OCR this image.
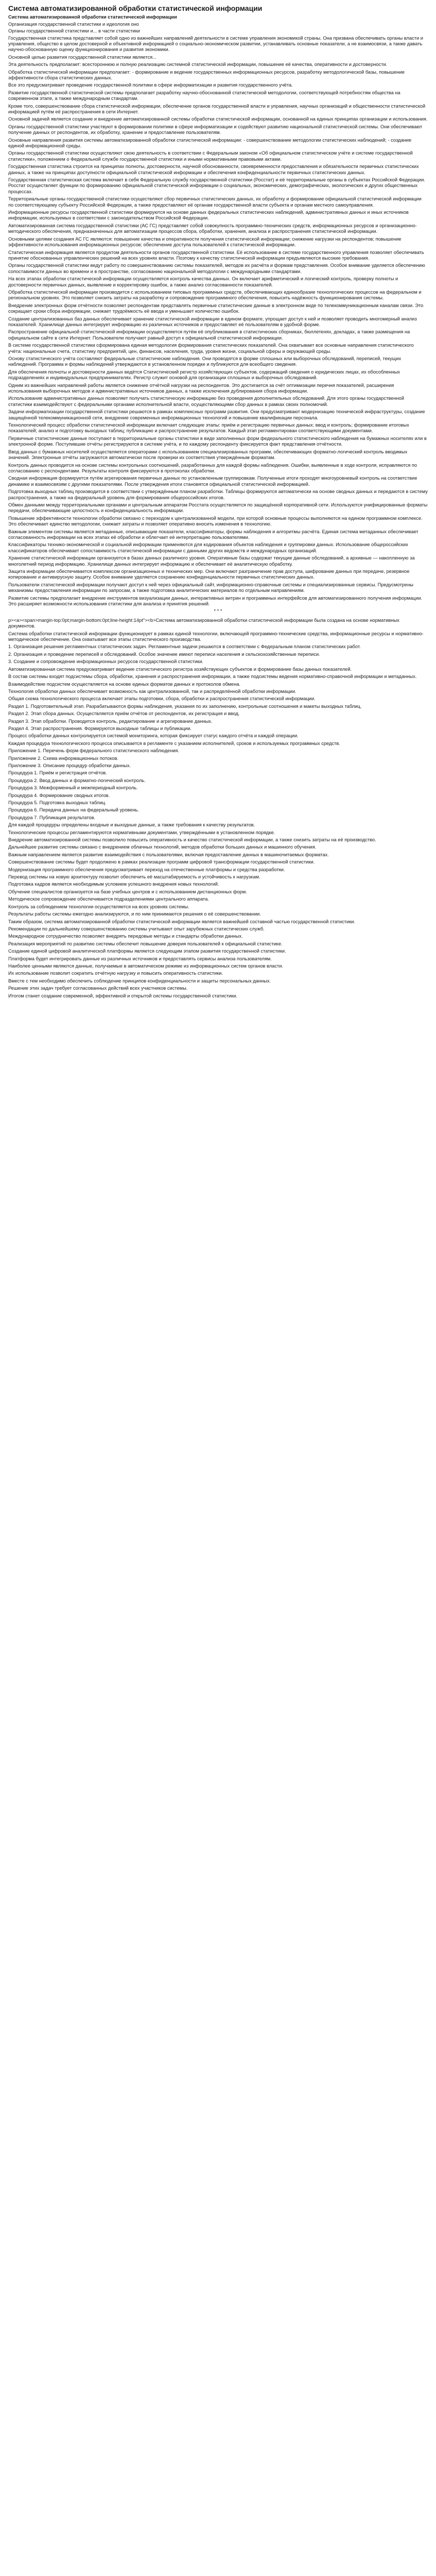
Система автоматизированной обработки статистической информации
Система автоматизированной обработки статистической информации

Организация государственной статистики и идеология оно

Органы государственной статистики и... в части статистики

Государственная статистика представляет собой одно из важнейших направлений деятельности в системе управления экономикой страны. Она призвана обеспечивать органы власти и управления, общество в целом достоверной и объективной информацией о социально-экономическом развитии, устанавливать основные показатели, а не взаимосвязи, а также давать научно-обоснованную оценку функционирования и развития экономики.

Основной целью развития государственной статистики является...

Эта деятельность предполагает: всестороннюю и полную реализацию системной статистической информации, повышение её качества, оперативности и достоверности.

Обработка статистической информации предполагает: - формирование и ведение государственных информационных ресурсов, разработку методологической базы, повышение эффективности сбора статистических данных.

Все это предусматривает проведение государственной политики в сфере информатизации и развития государственного учёта.

Развитие государственной статистической системы предполагает разработку научно-обоснованной статистической методологии, соответствующей потребностям общества на современном этапе, а также международным стандартам.

Кроме того, совершенствование сбора статистической информации, обеспечение органов государственной власти и управления, научных организаций и общественности статистической информацией путём её распространения в сети Интернет.

Основной задачей является создание и внедрение автоматизированной системы обработки статистической информации, основанной на единых принципах организации и использования.

Органы государственной статистики участвуют в формировании политики в сфере информатизации и содействуют развитию национальной статистической системы. Они обеспечивают получение данных от респондентов, их обработку, хранение и предоставление пользователям.

Основные направления развития системы автоматизированной обработки статистической информации: - совершенствование методологии статистических наблюдений; - создание единой информационной среды.

Органы государственной статистики осуществляют свою деятельность в соответствии с Федеральным законом «Об официальном статистическом учёте и системе государственной статистики», положением о Федеральной службе государственной статистики и иными нормативными правовыми актами.

Государственная статистика строится на принципах полноты, достоверности, научной обоснованности, своевременности предоставления и обязательности первичных статистических данных, а также на принципах доступности официальной статистической информации и обеспечения конфиденциальности первичных статистических данных.

Государственная статистическая система включает в себя Федеральную службу государственной статистики (Росстат) и её территориальные органы в субъектах Российской Федерации. Росстат осуществляет функции по формированию официальной статистической информации о социальных, экономических, демографических, экологических и других общественных процессах.

Территориальные органы государственной статистики осуществляют сбор первичных статистических данных, их обработку и формирование официальной статистической информации по соответствующему субъекту Российской Федерации, а также предоставляют её органам государственной власти субъекта и органам местного самоуправления.

Информационные ресурсы государственной статистики формируются на основе данных федеральных статистических наблюдений, административных данных и иных источников информации, используемых в соответствии с законодательством Российской Федерации.

Автоматизированная система государственной статистики (АС ГС) представляет собой совокупность программно-технических средств, информационных ресурсов и организационно-методического обеспечения, предназначенных для автоматизации процессов сбора, обработки, хранения, анализа и распространения статистической информации.

Основными целями создания АС ГС являются: повышение качества и оперативности получения статистической информации; снижение нагрузки на респондентов; повышение эффективности использования информационных ресурсов; обеспечение доступа пользователей к статистической информации.

Статистическая информация является продуктом деятельности органов государственной статистики. Её использование в системе государственного управления позволяет обеспечивать принятие обоснованных управленческих решений на всех уровнях власти. Поэтому к качеству статистической информации предъявляются высокие требования.

Органы государственной статистики ведут работу по совершенствованию системы показателей, методов их расчёта и формам представления. Особое внимание уделяется обеспечению сопоставимости данных во времени и в пространстве, согласованию национальной методологии с международными стандартами.

На всех этапах обработки статистической информации осуществляется контроль качества данных. Он включает арифметический и логический контроль, проверку полноты и достоверности первичных данных, выявление и корректировку ошибок, а также анализ согласованности показателей.

Обработка статистической информации производится с использованием типовых программных средств, обеспечивающих единообразие технологических процессов на федеральном и региональном уровнях. Это позволяет снизить затраты на разработку и сопровождение программного обеспечения, повысить надёжность функционирования системы.

Внедрение электронных форм отчётности позволяет респондентам представлять первичные статистические данные в электронном виде по телекоммуникационным каналам связи. Это сокращает сроки сбора информации, снижает трудоёмкость её ввода и уменьшает количество ошибок.

Создание централизованных баз данных обеспечивает хранение статистической информации в едином формате, упрощает доступ к ней и позволяет проводить многомерный анализ показателей. Хранилище данных интегрирует информацию из различных источников и предоставляет её пользователям в удобной форме.

Распространение официальной статистической информации осуществляется путём её опубликования в статистических сборниках, бюллетенях, докладах, а также размещения на официальном сайте в сети Интернет. Пользователи получают равный доступ к официальной статистической информации.

В системе государственной статистики сформирована единая методология формирования статистических показателей. Она охватывает все основные направления статистического учёта: национальные счета, статистику предприятий, цен, финансов, населения, труда, уровня жизни, социальной сферы и окружающей среды.

Основу статистического учёта составляют федеральные статистические наблюдения. Они проводятся в форме сплошных или выборочных обследований, переписей, текущих наблюдений. Программа и формы наблюдений утверждаются в установленном порядке и публикуются для всеобщего сведения.

Для обеспечения полноты и достоверности данных ведётся Статистический регистр хозяйствующих субъектов, содержащий сведения о юридических лицах, их обособленных подразделениях и индивидуальных предпринимателях. Регистр служит основой для организации сплошных и выборочных обследований.

Одним из важнейших направлений работы является снижение отчётной нагрузки на респондентов. Это достигается за счёт оптимизации перечня показателей, расширения использования выборочных методов и административных источников данных, а также исключения дублирования сбора информации.

Использование административных данных позволяет получать статистическую информацию без проведения дополнительных обследований. Для этого органы государственной статистики взаимодействуют с федеральными органами исполнительной власти, осуществляющими сбор данных в рамках своих полномочий.

Задачи информатизации государственной статистики решаются в рамках комплексных программ развития. Они предусматривают модернизацию технической инфраструктуры, создание защищённой телекоммуникационной сети, внедрение современных информационных технологий и повышение квалификации персонала.

Технологический процесс обработки статистической информации включает следующие этапы: приём и регистрацию первичных данных; ввод и контроль; формирование итоговых показателей; анализ и подготовку выходных таблиц; публикацию и распространение результатов. Каждый этап регламентирован соответствующими документами.

Первичные статистические данные поступают в территориальные органы статистики в виде заполненных форм федерального статистического наблюдения на бумажных носителях или в электронной форме. Поступившие отчёты регистрируются в системе учёта, и по каждому респонденту фиксируется факт представления отчётности.

Ввод данных с бумажных носителей осуществляется операторами с использованием специализированных программ, обеспечивающих форматно-логический контроль вводимых значений. Электронные отчёты загружаются автоматически после проверки их соответствия утверждённым форматам.

Контроль данных проводится на основе системы контрольных соотношений, разработанных для каждой формы наблюдения. Ошибки, выявленные в ходе контроля, исправляются по согласованию с респондентами. Результаты контроля фиксируются в протоколах обработки.

Сводная информация формируется путём агрегирования первичных данных по установленным группировкам. Полученные итоги проходят многоуровневый контроль на соответствие динамике и взаимосвязям с другими показателями. После утверждения итоги становятся официальной статистической информацией.

Подготовка выходных таблиц производится в соответствии с утверждённым планом разработки. Таблицы формируются автоматически на основе сводных данных и передаются в систему распространения, а также на федеральный уровень для формирования общероссийских итогов.

Обмен данными между территориальными органами и центральным аппаратом Росстата осуществляется по защищённой корпоративной сети. Используются унифицированные форматы передачи, обеспечивающие целостность и конфиденциальность информации.

Повышение эффективности технологии обработки связано с переходом к централизованной модели, при которой основные процессы выполняются на едином программном комплексе. Это обеспечивает единство методологии, снижает затраты и позволяет оперативно вносить изменения в технологию.

Важным элементом системы является метаданные, описывающие показатели, классификаторы, формы наблюдения и алгоритмы расчёта. Единая система метаданных обеспечивает согласованность информации на всех этапах её обработки и облегчает её интерпретацию пользователями.

Классификаторы технико-экономической и социальной информации применяются для кодирования объектов наблюдения и группировки данных. Использование общероссийских классификаторов обеспечивает сопоставимость статистической информации с данными других ведомств и международных организаций.

Хранение статистической информации организуется в базах данных различного уровня. Оперативные базы содержат текущие данные обследований, а архивные — накопленную за многолетний период информацию. Хранилище данных интегрирует информацию и обеспечивает её аналитическую обработку.

Защита информации обеспечивается комплексом организационных и технических мер. Они включают разграничение прав доступа, шифрование данных при передаче, резервное копирование и антивирусную защиту. Особое внимание уделяется сохранению конфиденциальности первичных статистических данных.

Пользователи статистической информации получают доступ к ней через официальный сайт, информационно-справочные системы и специализированные сервисы. Предусмотрены механизмы предоставления информации по запросам, а также подготовка аналитических материалов по отдельным направлениям.

Развитие системы предполагает внедрение инструментов визуализации данных, интерактивных витрин и программных интерфейсов для автоматизированного получения информации. Это расширяет возможности использования статистики для анализа и принятия решений.

* * *

p><a><span>margin-top:0pt;margin-bottom:0pt;line-height:14pt"><b>Система автоматизированной обработки статистической информации была создана на основе нормативных документов.

Система обработки статистической информации функционирует в рамках единой технологии, включающей программно-технические средства, информационные ресурсы и нормативно-методическое обеспечение. Она охватывает все этапы статистического производства.

1. Организация решения регламентных статистических задач. Регламентные задачи решаются в соответствии с Федеральным планом статистических работ.

2. Организация и проведение переписей и обследований. Особое значение имеют переписи населения и сельскохозяйственные переписи.

3. Создание и сопровождение информационных ресурсов государственной статистики.

Автоматизированная система предусматривает ведение статистического регистра хозяйствующих субъектов и формирование базы данных показателей.

В состав системы входят подсистемы сбора, обработки, хранения и распространения информации, а также подсистемы ведения нормативно-справочной информации и метаданных.

Взаимодействие подсистем осуществляется на основе единых форматов данных и протоколов обмена.

Технология обработки данных обеспечивает возможность как централизованной, так и распределённой обработки информации.

Общая схема технологического процесса включает этапы подготовки, сбора, обработки и распространения статистической информации.

Раздел 1. Подготовительный этап. Разрабатываются формы наблюдения, указания по их заполнению, контрольные соотношения и макеты выходных таблиц.

Раздел 2. Этап сбора данных. Осуществляется приём отчётов от респондентов, их регистрация и ввод.

Раздел 3. Этап обработки. Проводится контроль, редактирование и агрегирование данных.

Раздел 4. Этап распространения. Формируются выходные таблицы и публикации.

Процесс обработки данных контролируется системой мониторинга, которая фиксирует статус каждого отчёта и каждой операции.

Каждая процедура технологического процесса описывается в регламенте с указанием исполнителей, сроков и используемых программных средств.

Приложение 1. Перечень форм федерального статистического наблюдения.

Приложение 2. Схема информационных потоков.

Приложение 3. Описание процедур обработки данных.

Процедура 1. Приём и регистрация отчётов.

Процедура 2. Ввод данных и форматно-логический контроль.

Процедура 3. Межформенный и межпериодный контроль.

Процедура 4. Формирование сводных итогов.

Процедура 5. Подготовка выходных таблиц.

Процедура 6. Передача данных на федеральный уровень.

Процедура 7. Публикация результатов.

Для каждой процедуры определены входные и выходные данные, а также требования к качеству результатов.

Технологические процессы регламентируются нормативными документами, утверждёнными в установленном порядке.

Внедрение автоматизированной системы позволило повысить оперативность и качество статистической информации, а также снизить затраты на её производство.

Дальнейшее развитие системы связано с внедрением облачных технологий, методов обработки больших данных и машинного обучения.

Важным направлением является развитие взаимодействия с пользователями, включая предоставление данных в машиночитаемых форматах.

Совершенствование системы будет продолжено в рамках реализации программ цифровой трансформации государственной статистики.

Модернизация программного обеспечения предусматривает переход на отечественные платформы и средства разработки.

Перевод системы на новую архитектуру позволит обеспечить её масштабируемость и устойчивость к нагрузкам.

Подготовка кадров является необходимым условием успешного внедрения новых технологий.

Обучение специалистов организуется на базе учебных центров и с использованием дистанционных форм.

Методическое сопровождение обеспечивается подразделениями центрального аппарата.

Контроль за соблюдением технологии осуществляется на всех уровнях системы.

Результаты работы системы ежегодно анализируются, и по ним принимаются решения о её совершенствовании.

Таким образом, система автоматизированной обработки статистической информации является важнейшей составной частью государственной статистики.

Рекомендации по дальнейшему совершенствованию системы учитывают опыт зарубежных статистических служб.

Международное сотрудничество позволяет внедрять передовые методы и стандарты обработки данных.

Реализация мероприятий по развитию системы обеспечит повышение доверия пользователей к официальной статистике.

Создание единой цифровой аналитической платформы является следующим этапом развития государственной статистики.

Платформа будет интегрировать данные из различных источников и предоставлять сервисы анализа пользователям.

Наиболее ценными являются данные, получаемые в автоматическом режиме из информационных систем органов власти.

Их использование позволит сократить отчётную нагрузку и повысить оперативность статистики.

Вместе с тем необходимо обеспечить соблюдение принципов конфиденциальности и защиты персональных данных.

Решение этих задач требует согласованных действий всех участников системы.

Итогом станет создание современной, эффективной и открытой системы государственной статистики.
